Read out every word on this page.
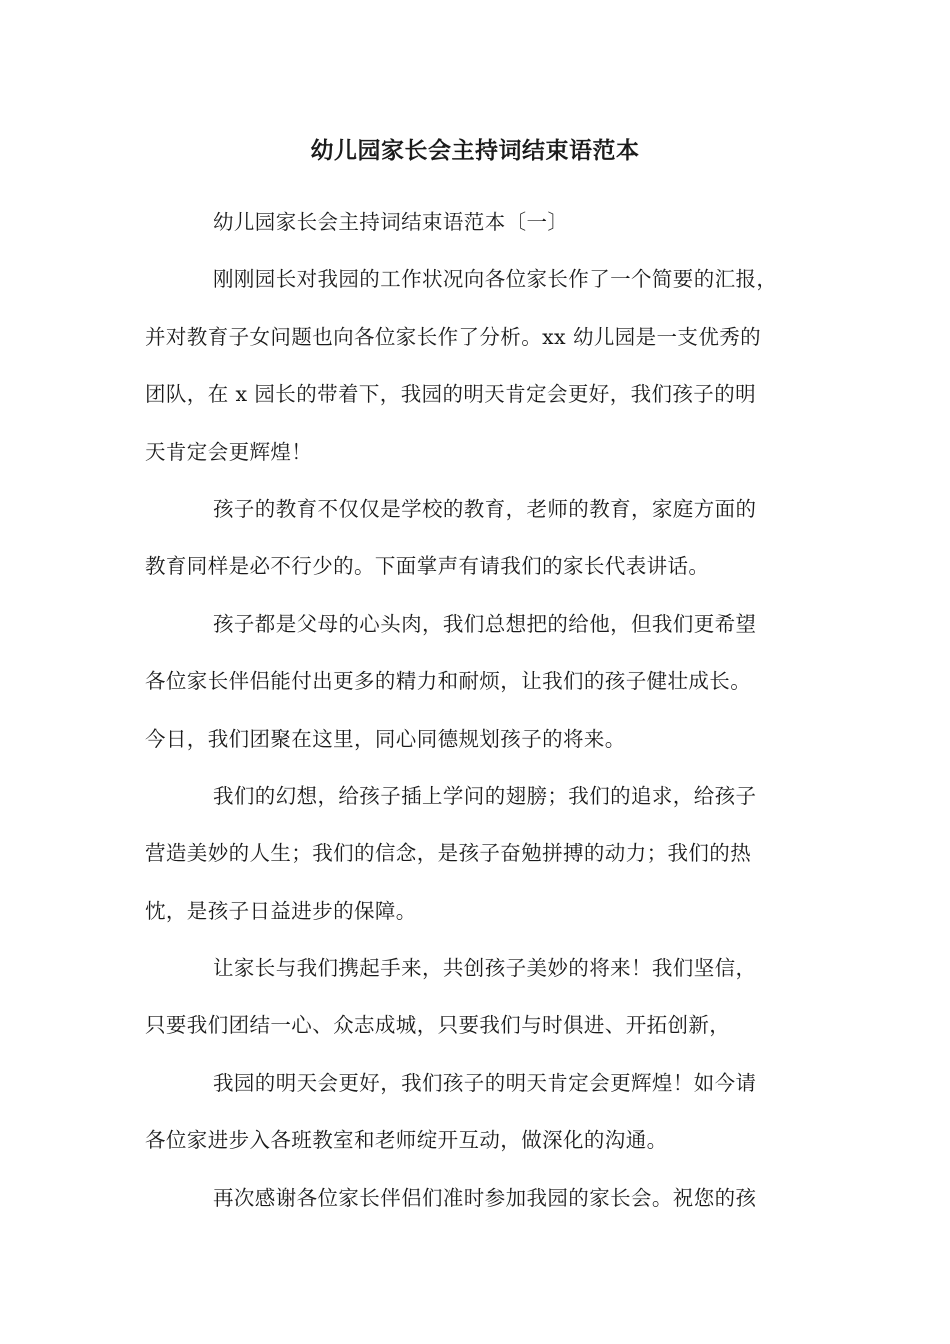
幼儿园家长会主持词结束语范本
幼儿园家长会主持词结束语范本〔一〕
刚刚园长对我园的工作状况向各位家长作了一个简要的汇报，
并对教育子女问题也向各位家长作了分析。xx 幼儿园是一支优秀的
团队，在 x 园长的带着下，我园的明天肯定会更好，我们孩子的明
天肯定会更辉煌！
孩子的教育不仅仅是学校的教育，老师的教育，家庭方面的
教育同样是必不行少的。下面掌声有请我们的家长代表讲话。
孩子都是父母的心头肉，我们总想把的给他，但我们更希望
各位家长伴侣能付出更多的精力和耐烦，让我们的孩子健壮成长。
今日，我们团聚在这里，同心同德规划孩子的将来。
我们的幻想，给孩子插上学问的翅膀；我们的追求，给孩子
营造美妙的人生；我们的信念，是孩子奋勉拼搏的动力；我们的热
忱，是孩子日益进步的保障。
让家长与我们携起手来，共创孩子美妙的将来！我们坚信，
只要我们团结一心、众志成城，只要我们与时俱进、开拓创新，
我园的明天会更好，我们孩子的明天肯定会更辉煌！如今请
各位家进步入各班教室和老师绽开互动，做深化的沟通。
再次感谢各位家长伴侣们准时参加我园的家长会。祝您的孩
